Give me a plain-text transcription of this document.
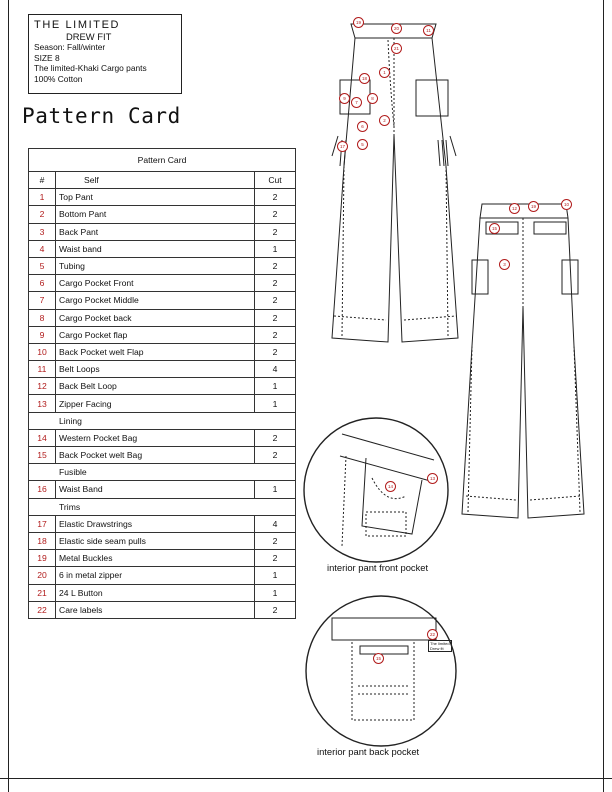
THE LIMITED
DREW FIT
Season: Fall/winter
SIZE 8
The limited-Khaki Cargo pants
100% Cotton
Pattern Card
Pattern Card		
#	Self	Cut
1	Top Pant	2
2	Bottom Pant	2
3	Back Pant	2
4	Waist band	1
5	Tubing	2
6	Cargo Pocket Front	2
7	Cargo Pocket Middle	2
8	Cargo Pocket back	2
9	Cargo Pocket flap	2
10	Back Pocket welt Flap	2
11	Belt Loops	4
12	Back Belt Loop	1
13	Zipper Facing	1
Lining		
14	Western Pocket Bag	2
15	Back Pocket welt Bag	2
Fusible		
16	Waist Band	1
Trims		
17	Elastic Drawstrings	4
18	Elastic side seam pulls	2
19	Metal Buckles	2
20	6 in metal zipper	1
21	24 L Button	1
22	Care labels	2
The limited
Drew fit
interior pant front pocket
interior pant back pocket
19
20
21
11
1
18
9
7
8
6
2
5
17
15
12	19	10
3
14
13
15
22
